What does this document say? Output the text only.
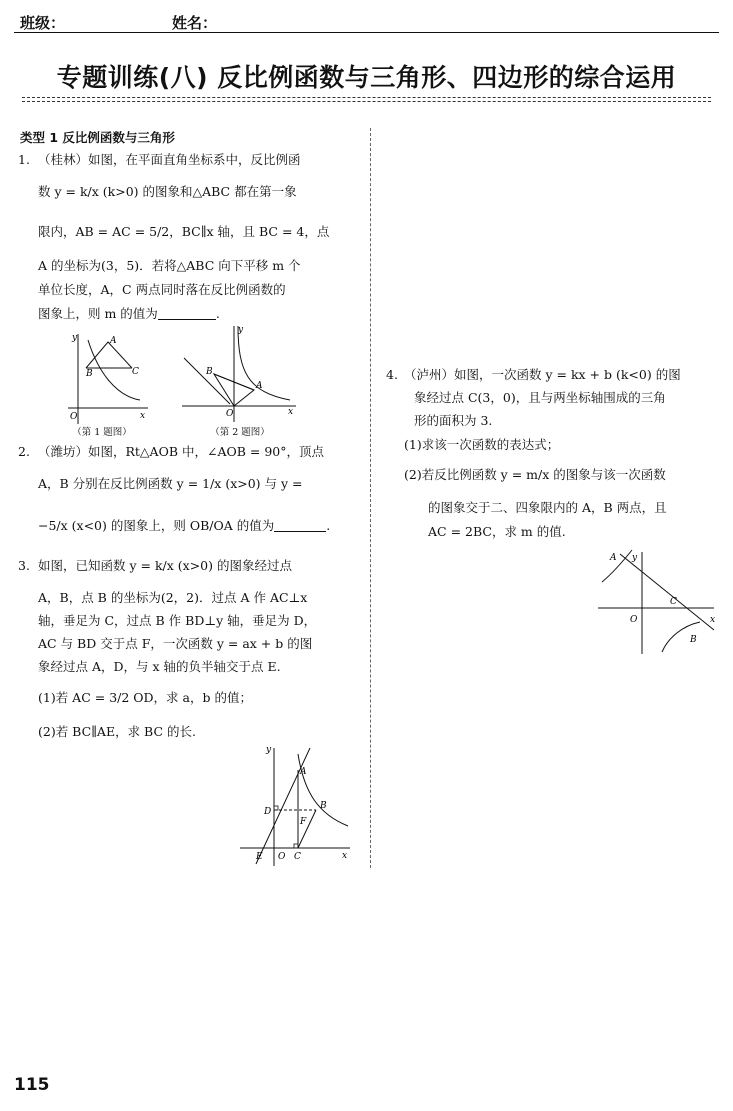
班级：	姓名：
专题训练(八) 反比例函数与三角形、四边形的综合运用
类型 1 反比例函数与三角形
1. （桂林）如图，在平面直角坐标系中，反比例函
数 y = k/x (k>0) 的图象和△ABC 都在第一象
限内，AB = AC = 5/2，BC∥x 轴，且 BC = 4，点
A 的坐标为(3，5)．若将△ABC 向下平移 m 个
单位长度，A，C 两点同时落在反比例函数的
图象上，则 m 的值为	.
y
x
O
A
B	C
（第 1 题图）
y
x
O
A
B
（第 2 题图）
2. （潍坊）如图，Rt△AOB 中，∠AOB = 90°，顶点
A，B 分别在反比例函数 y = 1/x (x>0) 与 y =
−5/x (x<0) 的图象上，则 OB/OA 的值为	.
3. 如图，已知函数 y = k/x (x>0) 的图象经过点
A，B，点 B 的坐标为(2，2)．过点 A 作 AC⊥x
轴，垂足为 C，过点 B 作 BD⊥y 轴，垂足为 D，
AC 与 BD 交于点 F，一次函数 y = ax + b 的图
象经过点 A，D，与 x 轴的负半轴交于点 E.
(1)若 AC = 3/2 OD，求 a，b 的值；
(2)若 BC∥AE，求 BC 的长.
y
x
O
A
B
C
D
E
F
4. （泸州）如图，一次函数 y = kx + b (k<0) 的图
象经过点 C(3，0)，且与两坐标轴围成的三角
形的面积为 3.
(1)求该一次函数的表达式；
(2)若反比例函数 y = m/x 的图象与该一次函数
的图象交于二、四象限内的 A，B 两点，且
AC = 2BC，求 m 的值.
y
x
O
A
B
C
115
